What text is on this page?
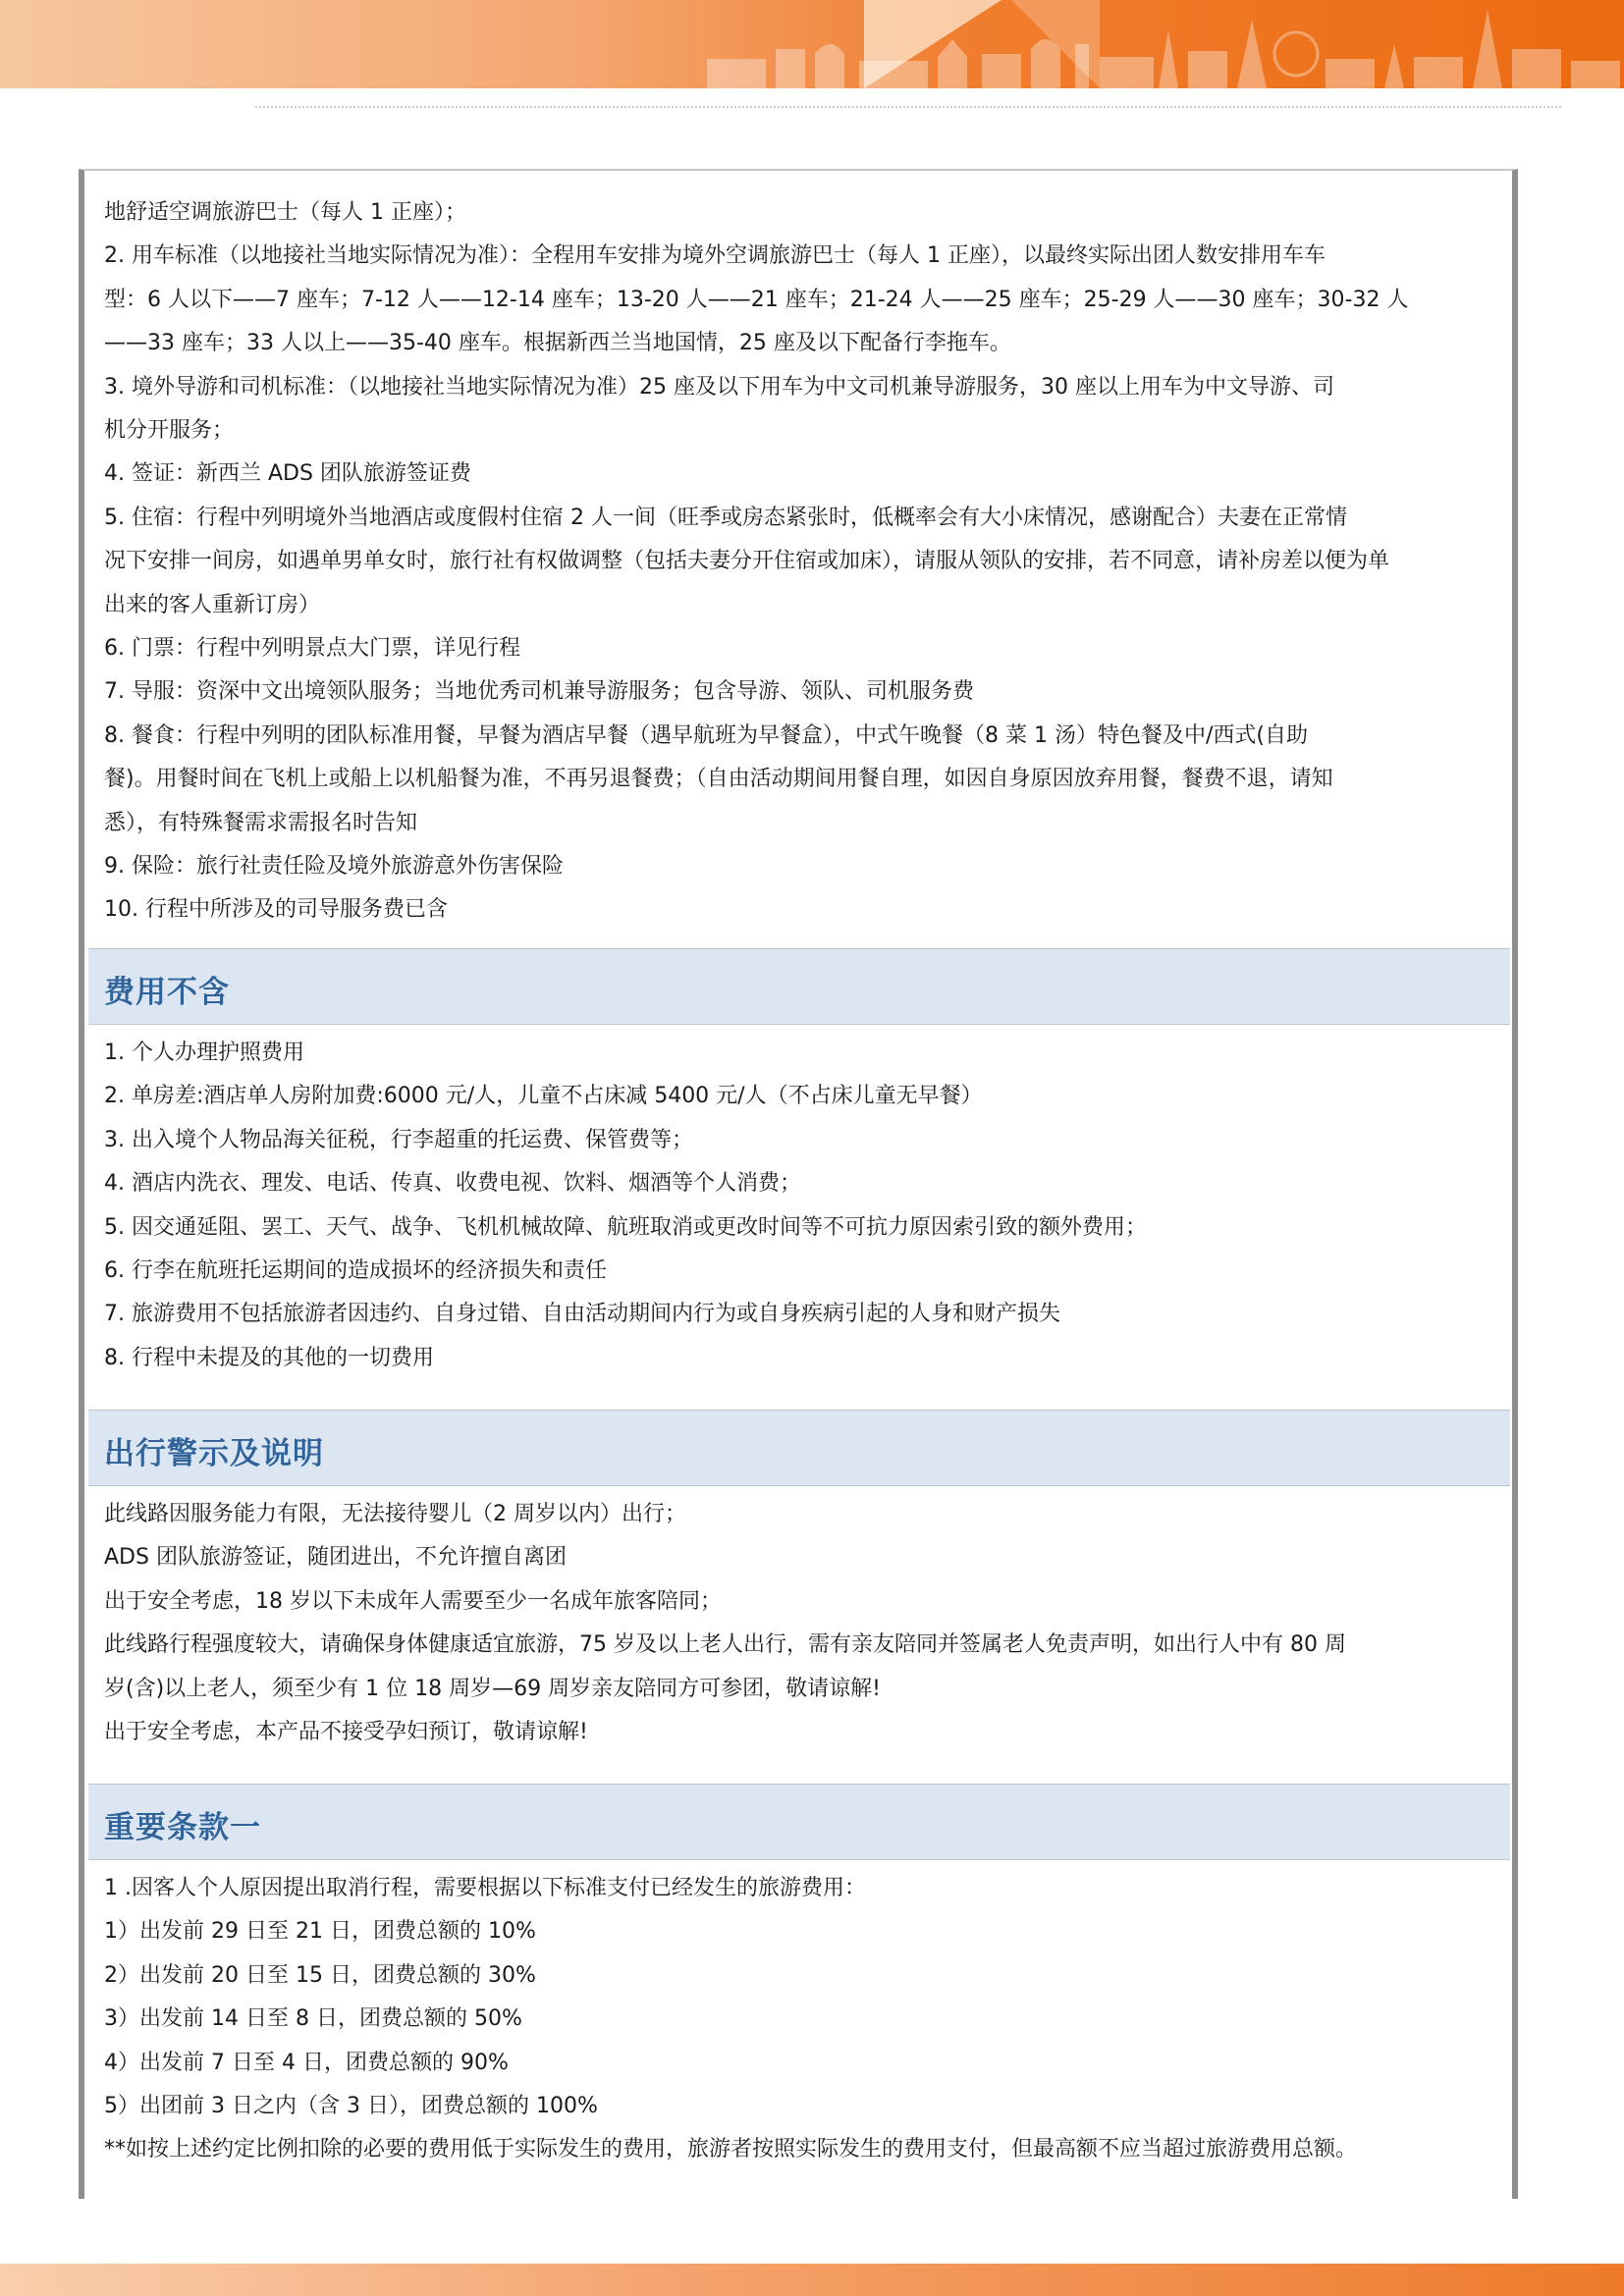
地舒适空调旅游巴士（每人 1 正座）；
2. 用车标准（以地接社当地实际情况为准）：全程用车安排为境外空调旅游巴士（每人 1 正座），以最终实际出团人数安排用车车
型：6 人以下——7 座车；7-12 人——12-14 座车；13-20 人——21 座车；21-24 人——25 座车；25-29 人——30 座车；30-32 人
——33 座车；33 人以上——35-40 座车。根据新西兰当地国情，25 座及以下配备行李拖车。
3. 境外导游和司机标准：（以地接社当地实际情况为准）25 座及以下用车为中文司机兼导游服务，30 座以上用车为中文导游、司
机分开服务；
4. 签证：新西兰 ADS 团队旅游签证费
5. 住宿：行程中列明境外当地酒店或度假村住宿 2 人一间（旺季或房态紧张时，低概率会有大小床情况，感谢配合）夫妻在正常情
况下安排一间房，如遇单男单女时，旅行社有权做调整（包括夫妻分开住宿或加床），请服从领队的安排，若不同意，请补房差以便为单
出来的客人重新订房）
6. 门票：行程中列明景点大门票，详见行程
7. 导服：资深中文出境领队服务；当地优秀司机兼导游服务；包含导游、领队、司机服务费
8. 餐食：行程中列明的团队标准用餐，早餐为酒店早餐（遇早航班为早餐盒），中式午晚餐（8 菜 1 汤）特色餐及中/西式(自助
餐)。用餐时间在飞机上或船上以机船餐为准，不再另退餐费；（自由活动期间用餐自理，如因自身原因放弃用餐，餐费不退，请知
悉），有特殊餐需求需报名时告知
9. 保险：旅行社责任险及境外旅游意外伤害保险
10. 行程中所涉及的司导服务费已含
费用不含
1. 个人办理护照费用
2. 单房差:酒店单人房附加费:6000 元/人，儿童不占床减 5400 元/人（不占床儿童无早餐）
3. 出入境个人物品海关征税，行李超重的托运费、保管费等；
4. 酒店内洗衣、理发、电话、传真、收费电视、饮料、烟酒等个人消费；
5. 因交通延阻、罢工、天气、战争、飞机机械故障、航班取消或更改时间等不可抗力原因索引致的额外费用；
6. 行李在航班托运期间的造成损坏的经济损失和责任
7. 旅游费用不包括旅游者因违约、自身过错、自由活动期间内行为或自身疾病引起的人身和财产损失
8. 行程中未提及的其他的一切费用
出行警示及说明
此线路因服务能力有限，无法接待婴儿（2 周岁以内）出行；
ADS 团队旅游签证，随团进出，不允许擅自离团
出于安全考虑，18 岁以下未成年人需要至少一名成年旅客陪同；
此线路行程强度较大，请确保身体健康适宜旅游，75 岁及以上老人出行，需有亲友陪同并签属老人免责声明，如出行人中有 80 周
岁(含)以上老人，须至少有 1 位 18 周岁—69 周岁亲友陪同方可参团，敬请谅解!
出于安全考虑，本产品不接受孕妇预订，敬请谅解!
重要条款一
1 .因客人个人原因提出取消行程，需要根据以下标准支付已经发生的旅游费用：
1）出发前 29 日至 21 日，团费总额的 10%
2）出发前 20 日至 15 日，团费总额的 30%
3）出发前 14 日至 8 日，团费总额的 50%
4）出发前 7 日至 4 日，团费总额的 90%
5）出团前 3 日之内（含 3 日），团费总额的 100%
**如按上述约定比例扣除的必要的费用低于实际发生的费用，旅游者按照实际发生的费用支付，但最高额不应当超过旅游费用总额。
